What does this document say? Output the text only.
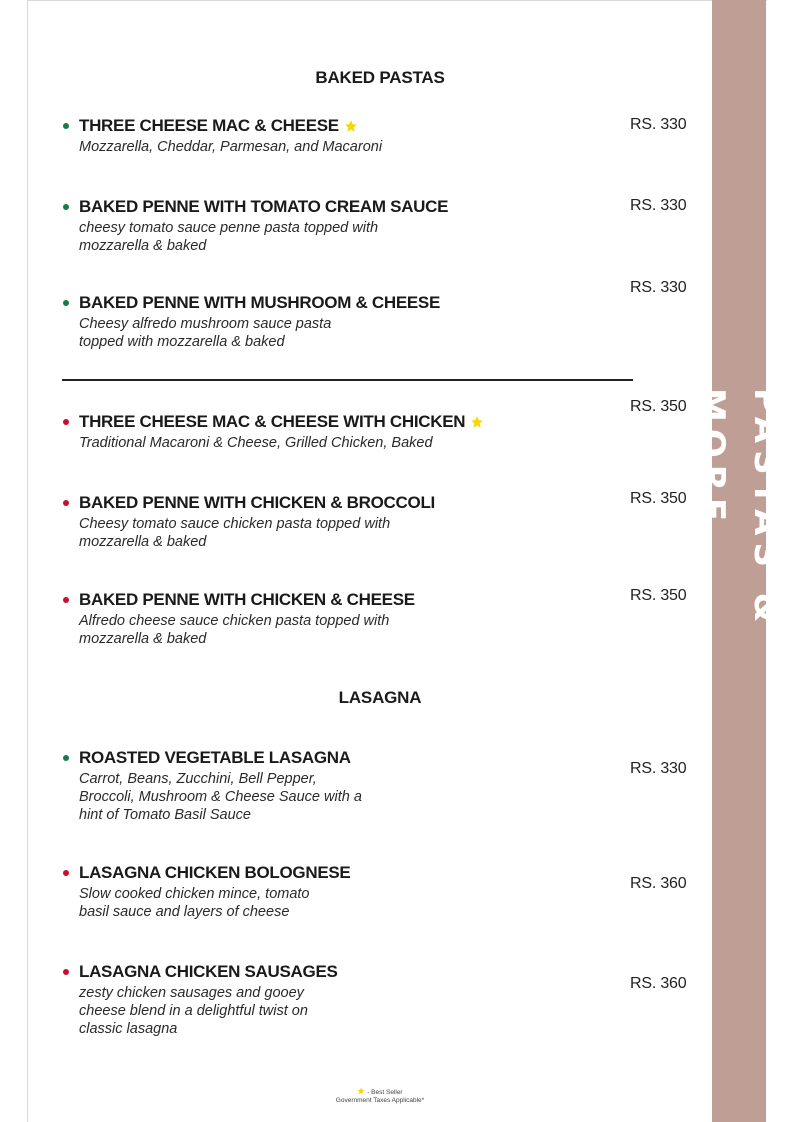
PASTAS & MORE
BAKED PASTAS
THREE CHEESE MAC & CHEESE
Mozzarella, Cheddar, Parmesan, and Macaroni
RS. 330
BAKED PENNE WITH TOMATO CREAM SAUCE
cheesy tomato sauce penne pasta topped with
mozzarella & baked
RS. 330
BAKED PENNE WITH MUSHROOM & CHEESE
Cheesy alfredo mushroom sauce pasta
topped with mozzarella & baked
RS. 330
THREE CHEESE MAC & CHEESE WITH CHICKEN
Traditional Macaroni & Cheese, Grilled Chicken, Baked
RS. 350
BAKED PENNE WITH CHICKEN & BROCCOLI
Cheesy tomato sauce chicken pasta topped with
mozzarella & baked
RS. 350
BAKED PENNE WITH CHICKEN & CHEESE
Alfredo cheese sauce chicken pasta topped with
mozzarella & baked
RS. 350
LASAGNA
ROASTED VEGETABLE LASAGNA
Carrot, Beans, Zucchini, Bell Pepper,
Broccoli, Mushroom & Cheese Sauce with a
hint of Tomato Basil Sauce
RS. 330
LASAGNA CHICKEN BOLOGNESE
Slow cooked chicken mince, tomato
basil sauce and layers of cheese
RS. 360
LASAGNA CHICKEN SAUSAGES
zesty chicken sausages and gooey
cheese blend in a delightful twist on
classic lasagna
RS. 360
- Best Seller
Government Taxes Applicable*
